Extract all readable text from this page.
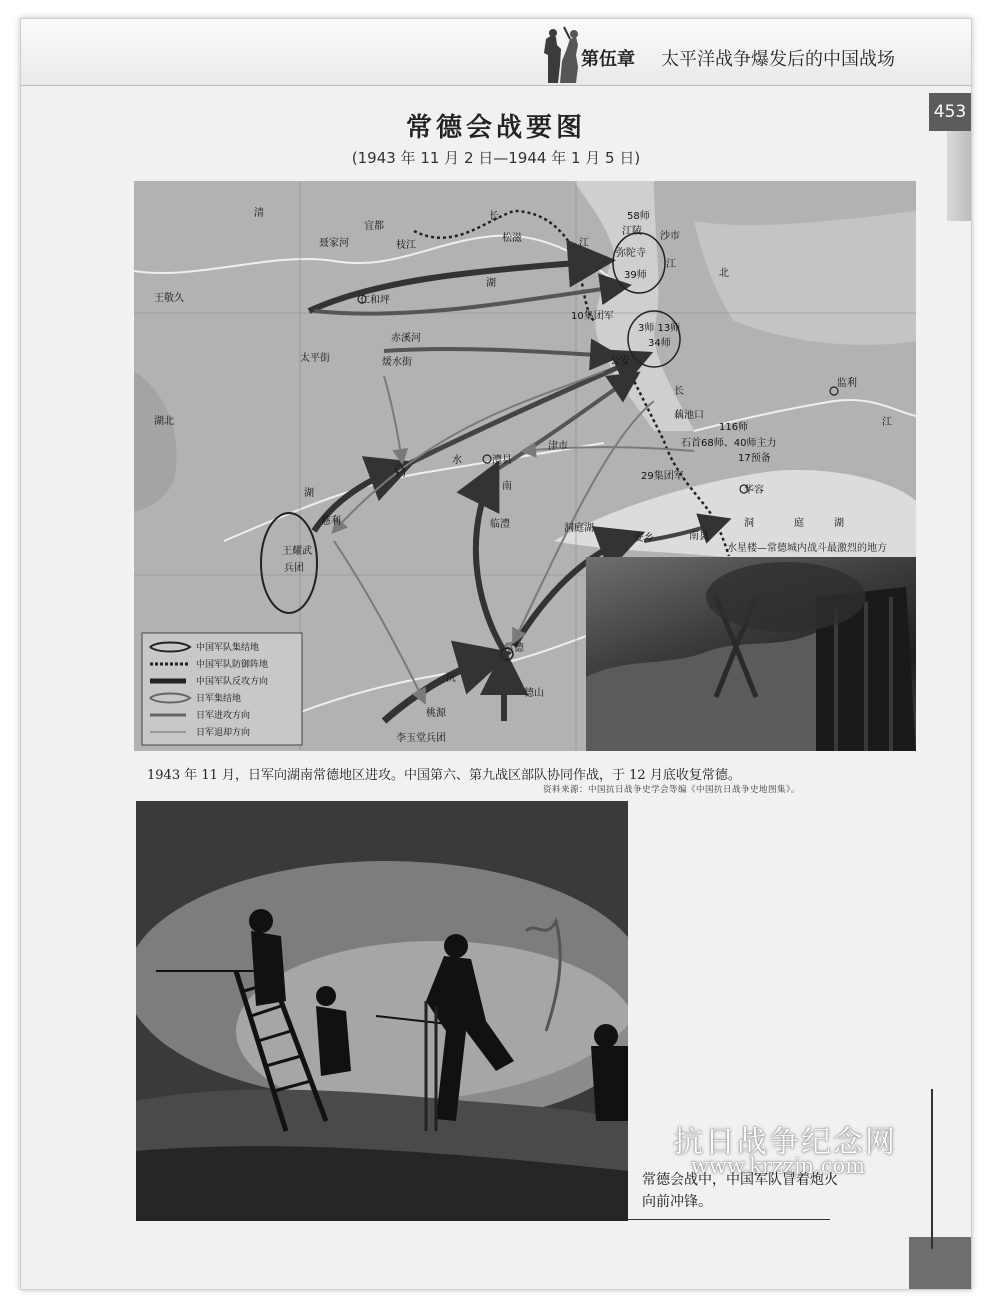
第伍章 太平洋战争爆发后的中国战场
453
常德会战要图
(1943 年 11 月 2 日—1944 年 1 月 5 日)
中国军队集结地
中国军队防御阵地
中国军队反攻方向
日军集结地
日军进攻方向
日军退却方向
清
宜都
长
聂家河	枝江
松滋	江
58师
江陵 沙市
弥陀寺
江
39师	北
湖
王敬久	仁和坪
10集团军
赤溪河
3师 13师
34师
太平街	煖水街	公安
湖北
长
监利
藕池口
116师
石首68师、40师主力
17预备
江
门
水	澧县
津市
29集团军
华容
湖
南
慈利	临澧	洞庭湖
安乡	南县
洞	庭	湖
王耀武
兵团
常德
沅
德山
桃源
李玉堂兵团
水星楼—常德城内战斗最激烈的地方
1943 年 11 月，日军向湖南常德地区进攻。中国第六、第九战区部队协同作战，于 12 月底收复常德。
资料来源：中国抗日战争史学会等编《中国抗日战争史地图集》。
抗日战争纪念网
www.krzzjn.com
常德会战中，中国军队冒着炮火向前冲锋。
